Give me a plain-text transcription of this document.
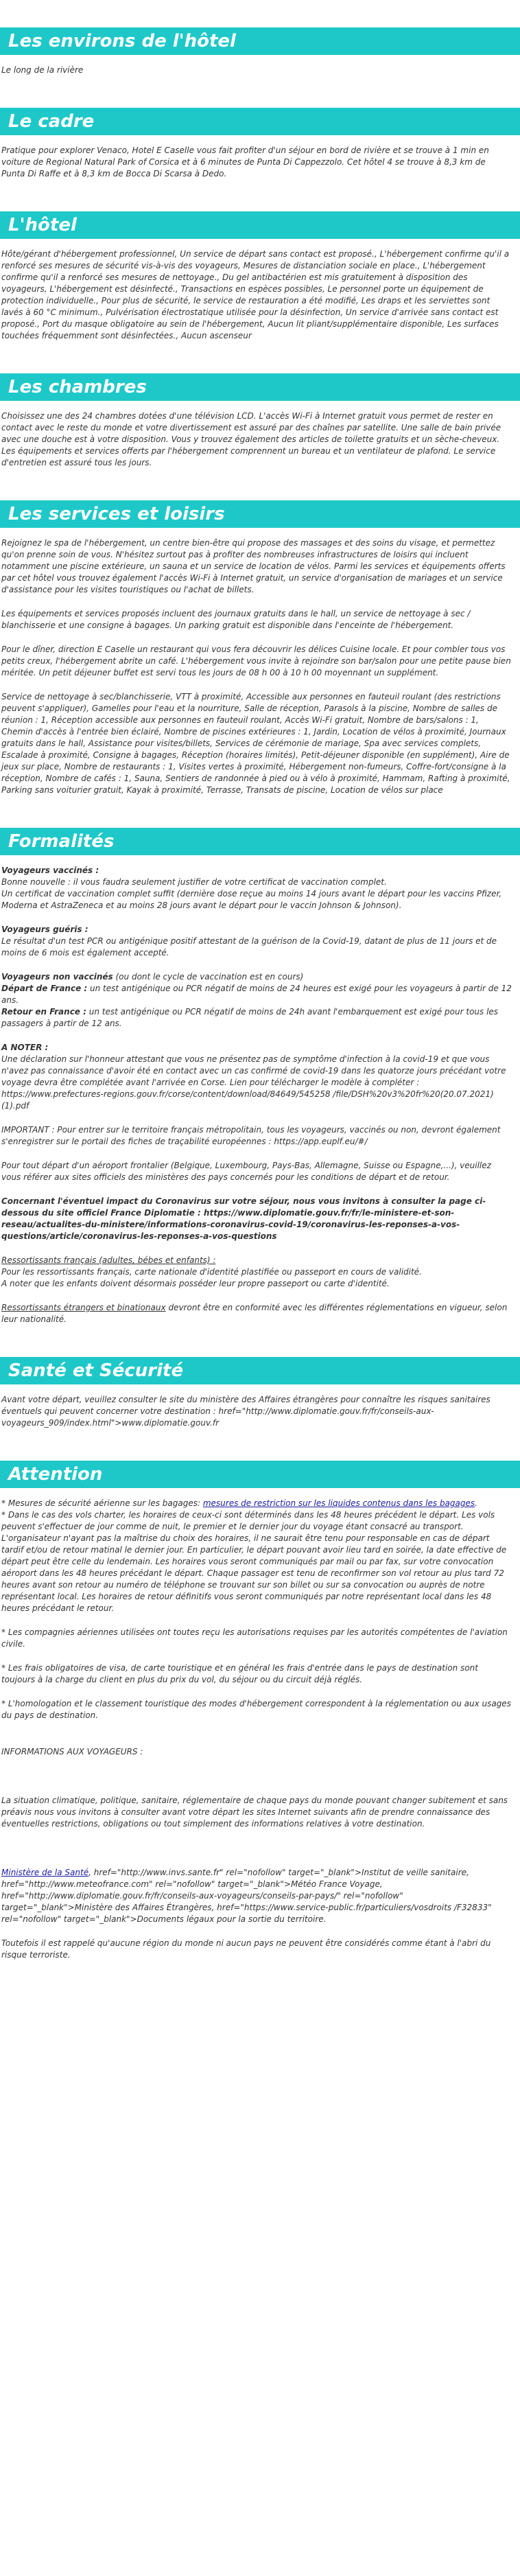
Les environs de l'hôtel

Le long de la rivière

Le cadre

Pratique pour explorer Venaco, Hotel E Caselle vous fait profiter d'un séjour en bord de rivière et se trouve à 1 min en voiture de Regional Natural Park of Corsica et à 6 minutes de Punta Di Cappezzolo. Cet hôtel 4 se trouve à 8,3 km de Punta Di Raffe et à 8,3 km de Bocca Di Scarsa à Dedo.

L'hôtel

Hôte/gérant d'hébergement professionnel, Un service de départ sans contact est proposé., L'hébergement confirme qu'il a renforcé ses mesures de sécurité vis-à-vis des voyageurs, Mesures de distanciation sociale en place., L'hébergement confirme qu'il a renforcé ses mesures de nettoyage., Du gel antibactérien est mis gratuitement à disposition des voyageurs, L'hébergement est désinfecté., Transactions en espèces possibles, Le personnel porte un équipement de protection individuelle., Pour plus de sécurité, le service de restauration a été modifié, Les draps et les serviettes sont lavés à 60 °C minimum., Pulvérisation électrostatique utilisée pour la désinfection, Un service d'arrivée sans contact est proposé., Port du masque obligatoire au sein de l'hébergement, Aucun lit pliant/supplémentaire disponible, Les surfaces touchées fréquemment sont désinfectées., Aucun ascenseur

Les chambres

Choisissez une des 24 chambres dotées d'une télévision LCD. L'accès Wi-Fi à Internet gratuit vous permet de rester en contact avec le reste du monde et votre divertissement est assuré par des chaînes par satellite. Une salle de bain privée avec une douche est à votre disposition. Vous y trouvez également des articles de toilette gratuits et un sèche-cheveux. Les équipements et services offerts par l'hébergement comprennent un bureau et un ventilateur de plafond. Le service d'entretien est assuré tous les jours.

Les services et loisirs

Rejoignez le spa de l'hébergement, un centre bien-être qui propose des massages et des soins du visage, et permettez qu'on prenne soin de vous. N'hésitez surtout pas à profiter des nombreuses infrastructures de loisirs qui incluent notamment une piscine extérieure, un sauna et un service de location de vélos. Parmi les services et équipements offerts par cet hôtel vous trouvez également l'accès Wi-Fi à Internet gratuit, un service d'organisation de mariages et un service d'assistance pour les visites touristiques ou l'achat de billets.

Les équipements et services proposés incluent des journaux gratuits dans le hall, un service de nettoyage à sec / blanchisserie et une consigne à bagages. Un parking gratuit est disponible dans l'enceinte de l'hébergement.

Pour le dîner, direction E Caselle un restaurant qui vous fera découvrir les délices Cuisine locale. Et pour combler tous vos petits creux, l'hébergement abrite un café. L'hébergement vous invite à rejoindre son bar/salon pour une petite pause bien méritée. Un petit déjeuner buffet est servi tous les jours de 08 h 00 à 10 h 00 moyennant un supplément.

Service de nettoyage à sec/blanchisserie, VTT à proximité, Accessible aux personnes en fauteuil roulant (des restrictions peuvent s'appliquer), Gamelles pour l'eau et la nourriture, Salle de réception, Parasols à la piscine, Nombre de salles de réunion : 1, Réception accessible aux personnes en fauteuil roulant, Accès Wi-Fi gratuit, Nombre de bars/salons : 1, Chemin d'accès à l'entrée bien éclairé, Nombre de piscines extérieures : 1, Jardin, Location de vélos à proximité, Journaux gratuits dans le hall, Assistance pour visites/billets, Services de cérémonie de mariage, Spa avec services complets, Escalade à proximité, Consigne à bagages, Réception (horaires limités), Petit-déjeuner disponible (en supplément), Aire de jeux sur place, Nombre de restaurants : 1, Visites vertes à proximité, Hébergement non-fumeurs, Coffre-fort/consigne à la réception, Nombre de cafés : 1, Sauna, Sentiers de randonnée à pied ou à vélo à proximité, Hammam, Rafting à proximité, Parking sans voiturier gratuit, Kayak à proximité, Terrasse, Transats de piscine, Location de vélos sur place

Formalités

Voyageurs vaccinés :
Bonne nouvelle : il vous faudra seulement justifier de votre certificat de vaccination complet.
Un certificat de vaccination complet suffit (dernière dose reçue au moins 14 jours avant le départ pour les vaccins Pfizer, Moderna et AstraZeneca et au moins 28 jours avant le départ pour le vaccin Johnson & Johnson).

Voyageurs guéris :
Le résultat d'un test PCR ou antigénique positif attestant de la guérison de la Covid-19, datant de plus de 11 jours et de moins de 6 mois est également accepté.

Voyageurs non vaccinés (ou dont le cycle de vaccination est en cours)
Départ de France : un test antigénique ou PCR négatif de moins de 24 heures est exigé pour les voyageurs à partir de 12 ans.
Retour en France : un test antigénique ou PCR négatif de moins de 24h avant l'embarquement est exigé pour tous les passagers à partir de 12 ans.

A NOTER :
Une déclaration sur l'honneur attestant que vous ne présentez pas de symptôme d'infection à la covid-19 et que vous n'avez pas connaissance d'avoir été en contact avec un cas confirmé de covid-19 dans les quatorze jours précédant votre voyage devra être complétée avant l'arrivée en Corse. Lien pour télécharger le modèle à compléter : https://www.prefectures-regions.gouv.fr/corse/content/download/84649/545258 /file/DSH%20v3%20fr%20(20.07.2021)(1).pdf

IMPORTANT : Pour entrer sur le territoire français métropolitain, tous les voyageurs, vaccinés ou non, devront également s'enregistrer sur le portail des fiches de traçabilité européennes : https://app.euplf.eu/#/

Pour tout départ d'un aéroport frontalier (Belgique, Luxembourg, Pays-Bas, Allemagne, Suisse ou Espagne,...), veuillez vous référer aux sites officiels des ministères des pays concernés pour les conditions de départ et de retour.

Concernant l'éventuel impact du Coronavirus sur votre séjour, nous vous invitons à consulter la page ci-dessous du site officiel France Diplomatie : https://www.diplomatie.gouv.fr/fr/le-ministere-et-son-reseau/actualites-du-ministere/informations-coronavirus-covid-19/coronavirus-les-reponses-a-vos-questions/article/coronavirus-les-reponses-a-vos-questions

Ressortissants français (adultes, bébes et enfants) :
Pour les ressortissants français, carte nationale d'identité plastifiée ou passeport en cours de validité.
A noter que les enfants doivent désormais posséder leur propre passeport ou carte d'identité.

Ressortissants étrangers et binationaux devront être en conformité avec les différentes réglementations en vigueur, selon leur nationalité.

Santé et Sécurité

Avant votre départ, veuillez consulter le site du ministère des Affaires étrangères pour connaître les risques sanitaires éventuels qui peuvent concerner votre destination : href="http://www.diplomatie.gouv.fr/fr/conseils-aux-voyageurs_909/index.html">www.diplomatie.gouv.fr

Attention

* Mesures de sécurité aérienne sur les bagages: mesures de restriction sur les liquides contenus dans les bagages.

* Dans le cas des vols charter, les horaires de ceux-ci sont déterminés dans les 48 heures précédent le départ. Les vols peuvent s'effectuer de jour comme de nuit, le premier et le dernier jour du voyage étant consacré au transport. L'organisateur n'ayant pas la maîtrise du choix des horaires, il ne saurait être tenu pour responsable en cas de départ tardif et/ou de retour matinal le dernier jour. En particulier, le départ pouvant avoir lieu tard en soirée, la date effective de départ peut être celle du lendemain. Les horaires vous seront communiqués par mail ou par fax, sur votre convocation aéroport dans les 48 heures précédant le départ. Chaque passager est tenu de reconfirmer son vol retour au plus tard 72 heures avant son retour au numéro de téléphone se trouvant sur son billet ou sur sa convocation ou auprès de notre représentant local. Les horaires de retour définitifs vous seront communiqués par notre représentant local dans les 48 heures précédant le retour.

* Les compagnies aériennes utilisées ont toutes reçu les autorisations requises par les autorités compétentes de l'aviation civile.

* Les frais obligatoires de visa, de carte touristique et en général les frais d'entrée dans le pays de destination sont toujours à la charge du client en plus du prix du vol, du séjour ou du circuit déjà réglés.

* L'homologation et le classement touristique des modes d'hébergement correspondent à la réglementation ou aux usages du pays de destination.

INFORMATIONS AUX VOYAGEURS :

La situation climatique, politique, sanitaire, réglementaire de chaque pays du monde pouvant changer subitement et sans préavis nous vous invitons à consulter avant votre départ les sites Internet suivants afin de prendre connaissance des éventuelles restrictions, obligations ou tout simplement des informations relatives à votre destination.

Ministère de la Santé, href="http://www.invs.sante.fr" rel="nofollow" target="_blank">Institut de veille sanitaire, href="http://www.meteofrance.com" rel="nofollow" target="_blank">Météo France Voyage, href="http://www.diplomatie.gouv.fr/fr/conseils-aux-voyageurs/conseils-par-pays/" rel="nofollow" target="_blank">Ministère des Affaires Étrangères, href="https://www.service-public.fr/particuliers/vosdroits /F32833" rel="nofollow" target="_blank">Documents légaux pour la sortie du territoire.

Toutefois il est rappelé qu'aucune région du monde ni aucun pays ne peuvent être considérés comme étant à l'abri du risque terroriste.
